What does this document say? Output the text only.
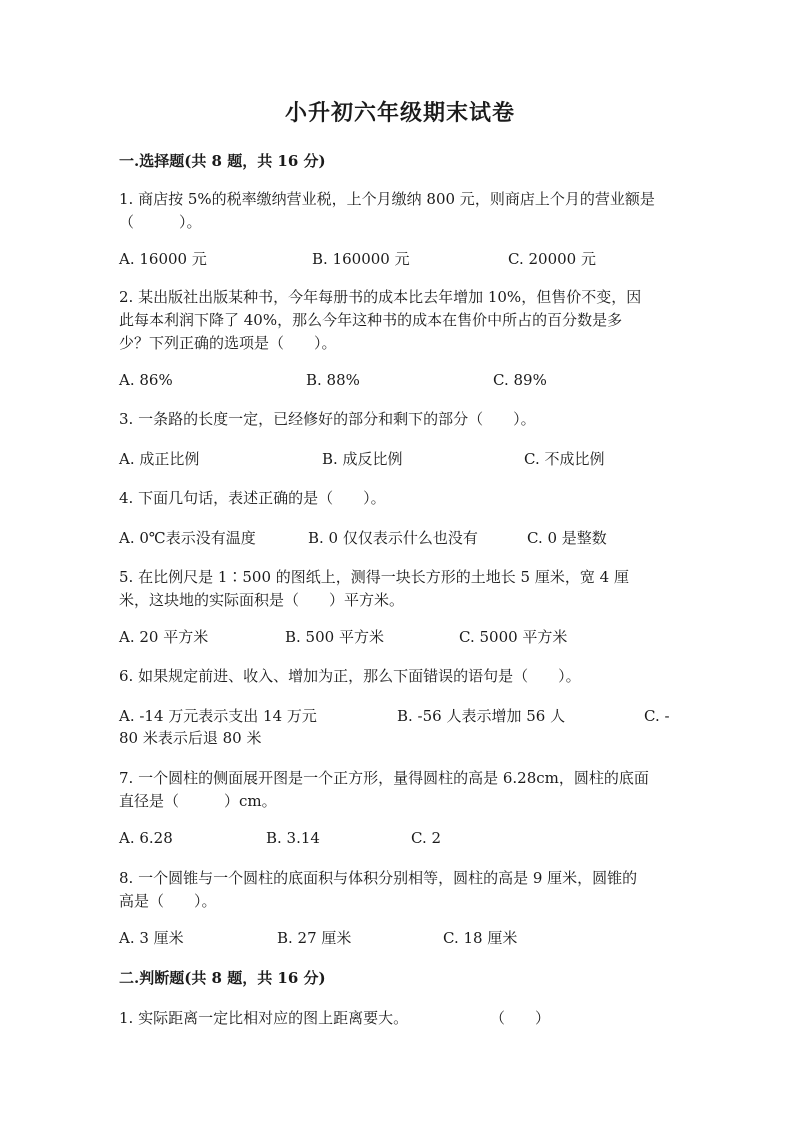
小升初六年级期末试卷
一.选择题(共 8 题，共 16 分)
1. 商店按 5%的税率缴纳营业税，上个月缴纳 800 元，则商店上个月的营业额是
（　　　）。
A. 16000 元	B. 160000 元	C. 20000 元
2. 某出版社出版某种书，今年每册书的成本比去年增加 10%，但售价不变，因
此每本利润下降了 40%，那么今年这种书的成本在售价中所占的百分数是多
少？下列正确的选项是（　　）。
A. 86%	B. 88%	C. 89%
3. 一条路的长度一定，已经修好的部分和剩下的部分（　　）。
A. 成正比例	B. 成反比例	C. 不成比例
4. 下面几句话，表述正确的是（　　）。
A. 0℃表示没有温度	B. 0 仅仅表示什么也没有	C. 0 是整数
5. 在比例尺是 1∶500 的图纸上，测得一块长方形的土地长 5 厘米，宽 4 厘
米，这块地的实际面积是（　　）平方米。
A. 20 平方米	B. 500 平方米	C. 5000 平方米
6. 如果规定前进、收入、增加为正，那么下面错误的语句是（　　）。
A. -14 万元表示支出 14 万元	B. -56 人表示增加 56 人	C. -
80 米表示后退 80 米
7. 一个圆柱的侧面展开图是一个正方形，量得圆柱的高是 6.28cm，圆柱的底面
直径是（　　　）cm。
A. 6.28	B. 3.14	C. 2
8. 一个圆锥与一个圆柱的底面积与体积分别相等，圆柱的高是 9 厘米，圆锥的
高是（　　）。
A. 3 厘米	B. 27 厘米	C. 18 厘米
二.判断题(共 8 题，共 16 分)
1. 实际距离一定比相对应的图上距离要大。	（　　）
